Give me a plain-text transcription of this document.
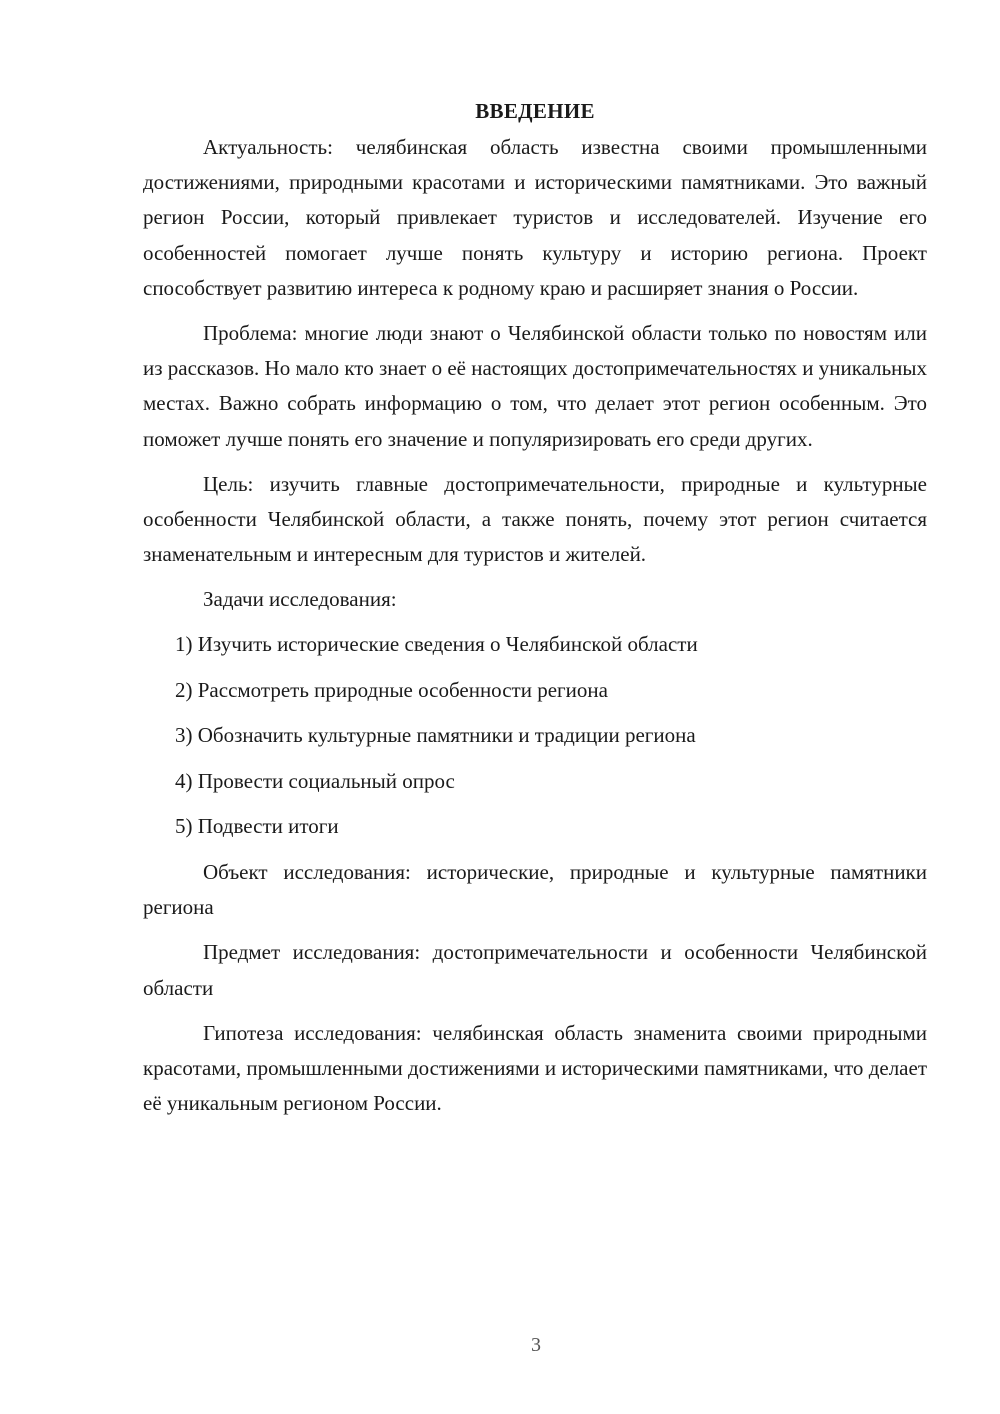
ВВЕДЕНИЕ

Актуальность: челябинская область известна своими промышленными достижениями, природными красотами и историческими памятниками. Это важный регион России, который привлекает туристов и исследователей. Изучение его особенностей помогает лучше понять культуру и историю региона. Проект способствует развитию интереса к родному краю и расширяет знания о России.

Проблема: многие люди знают о Челябинской области только по новостям или из рассказов. Но мало кто знает о её настоящих достопримечательностях и уникальных местах. Важно собрать информацию о том, что делает этот регион особенным. Это поможет лучше понять его значение и популяризировать его среди других.

Цель: изучить главные достопримечательности, природные и культурные особенности Челябинской области, а также понять, почему этот регион считается знаменательным и интересным для туристов и жителей.

Задачи исследования:

1) Изучить исторические сведения о Челябинской области
2) Рассмотреть природные особенности региона
3) Обозначить культурные памятники и традиции региона
4) Провести социальный опрос
5) Подвести итоги

Объект исследования: исторические, природные и культурные памятники региона

Предмет исследования: достопримечательности и особенности Челябинской области

Гипотеза исследования: челябинская область знаменита своими природными красотами, промышленными достижениями и историческими памятниками, что делает её уникальным регионом России.

3
